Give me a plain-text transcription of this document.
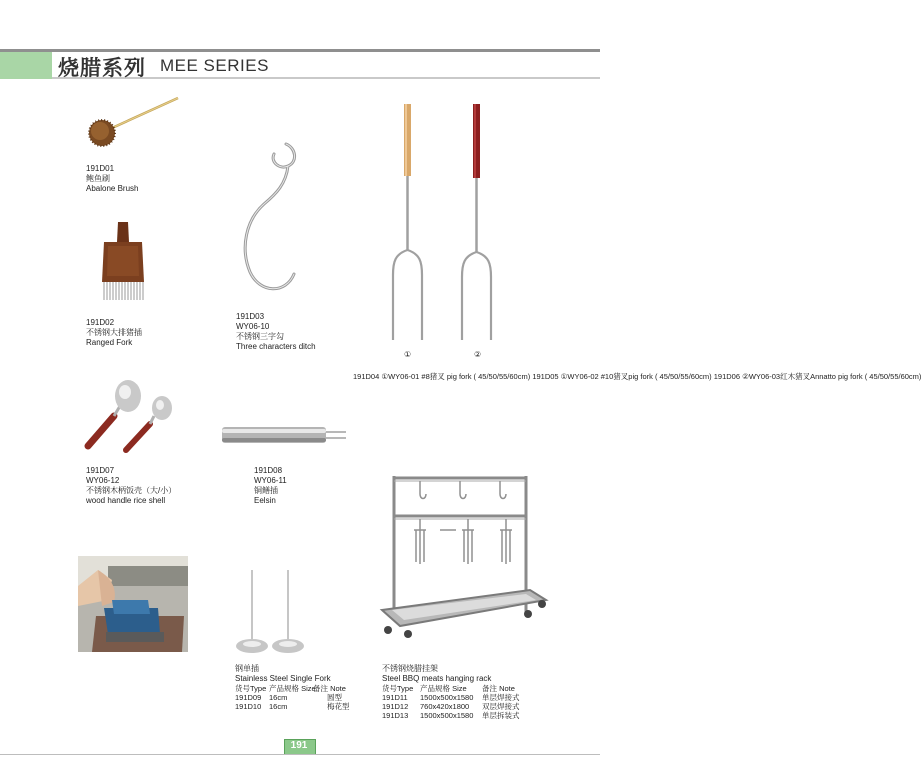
烧腊系列 MEE SERIES
191D01
鲍鱼刷
Abalone Brush
191D02
不锈钢大排猪插
Ranged Fork
191D03
WY06-10
不锈钢三字勾
Three characters ditch
①	②
191D04 ①WY06-01 #8猪叉 pig fork ( 45/50/55/60cm) 191D05 ①WY06-02 #10猪叉pig fork ( 45/50/55/60cm) 191D06 ②WY06-03红木猪叉Annatto pig fork ( 45/50/55/60cm)
191D07
WY06-12
不锈钢木柄饭壳（大/小）
wood handle rice shell
191D08
WY06-11
铜鳝插
Eelsin
钢单插
Stainless Steel Single Fork
货号Type 产品规格 Size备注 Note
191D09 16cm	圆型
191D10 16cm	梅花型
不锈钢烧腊挂架
Steel BBQ meats hanging rack
货号Type 产品规格 Size 备注 Note
191D11 1500x500x1580 单层焊接式
191D12 760x420x1800 双层焊接式
191D13 1500x500x1580 单层拆装式
191
